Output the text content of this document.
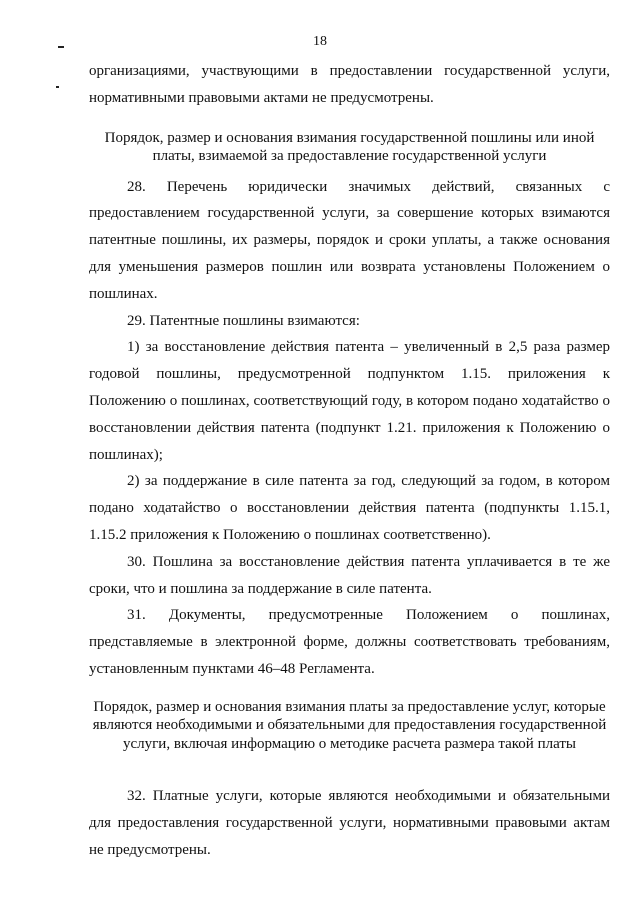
18

организациями, участвующими в предоставлении государственной услуги, нормативными правовыми актами не предусмотрены.

Порядок, размер и основания взимания государственной пошлины или иной платы, взимаемой за предоставление государственной услуги

28. Перечень юридически значимых действий, связанных с предоставлением государственной услуги, за совершение которых взимаются патентные пошлины, их размеры, порядок и сроки уплаты, а также основания для уменьшения размеров пошлин или возврата установлены Положением о пошлинах.

29. Патентные пошлины взимаются:

1) за восстановление действия патента – увеличенный в 2,5 раза размер годовой пошлины, предусмотренной подпунктом 1.15. приложения к Положению о пошлинах, соответствующий году, в котором подано ходатайство о восстановлении действия патента (подпункт 1.21. приложения к Положению о пошлинах);

2) за поддержание в силе патента за год, следующий за годом, в котором подано ходатайство о восстановлении действия патента (подпункты 1.15.1, 1.15.2 приложения к Положению о пошлинах соответственно).

30. Пошлина за восстановление действия патента уплачивается в те же сроки, что и пошлина за поддержание в силе патента.

31. Документы, предусмотренные Положением о пошлинах, представляемые в электронной форме, должны соответствовать требованиям, установленным пунктами 46–48 Регламента.

Порядок, размер и основания взимания платы за предоставление услуг, которые являются необходимыми и обязательными для предоставления государственной услуги, включая информацию о методике расчета размера такой платы

32. Платные услуги, которые являются необходимыми и обязательными для предоставления государственной услуги, нормативными правовыми актам не предусмотрены.
